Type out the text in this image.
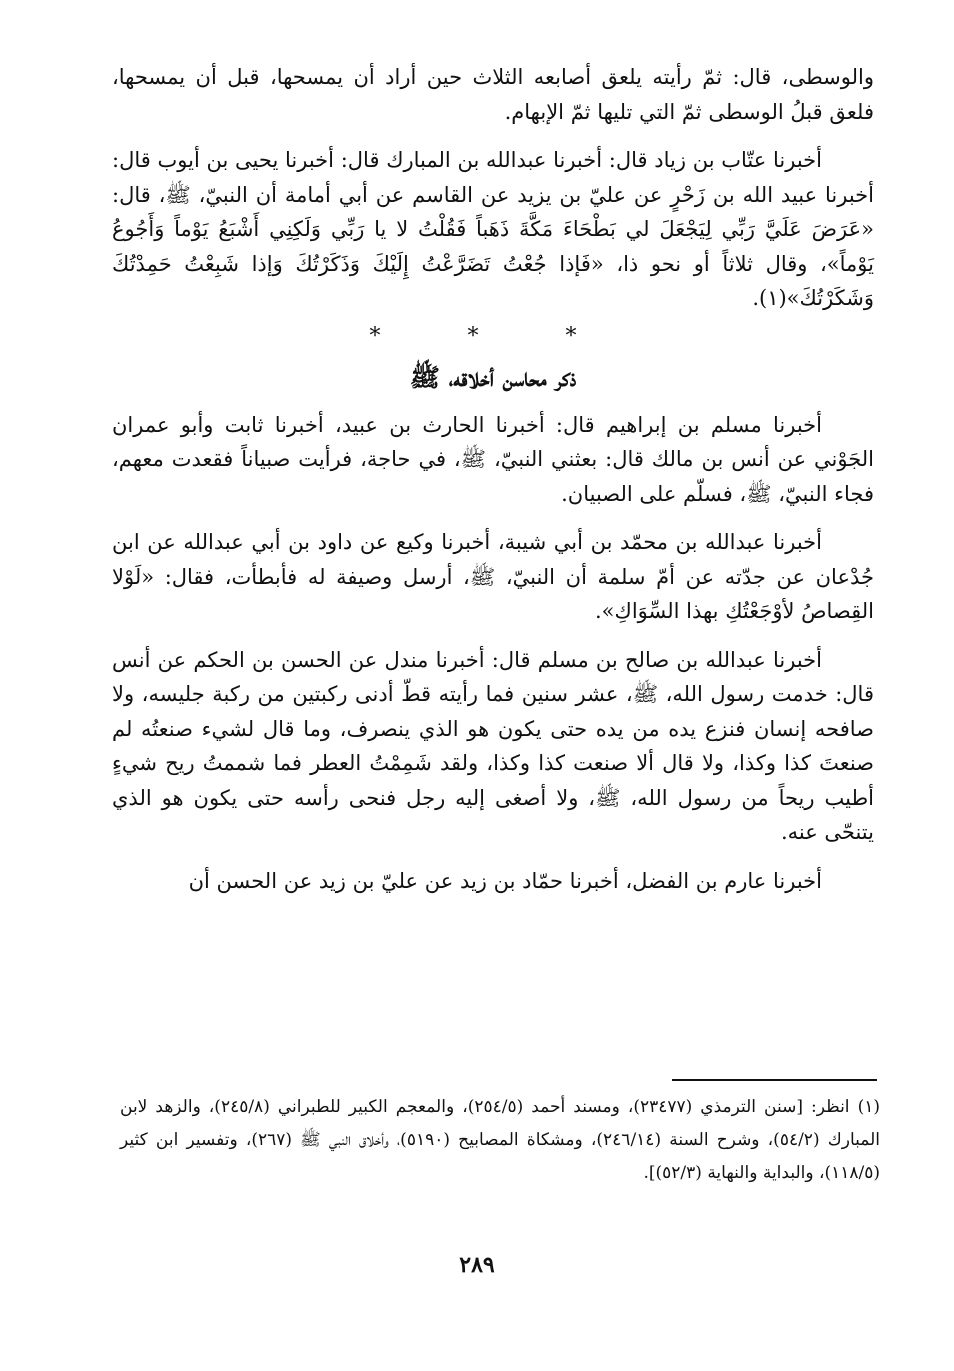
والوسطى، قال: ثمّ رأيته يلعق أصابعه الثلاث حين أراد أن يمسحها، قبل أن يمسحها، فلعق قبلُ الوسطى ثمّ التي تليها ثمّ الإبهام.

أخبرنا عتّاب بن زياد قال: أخبرنا عبدالله بن المبارك قال: أخبرنا يحيى بن أيوب قال: أخبرنا عبيد الله بن زَحْرٍ عن عليّ بن يزيد عن القاسم عن أبي أمامة أن النبيّ، ﷺ، قال: «عَرَضَ عَلَيَّ رَبِّي لِيَجْعَلَ لي بَطْحَاءَ مَكَّةَ ذَهَباً فَقُلْتُ لا يا رَبِّي وَلَكِنِي أَشْبَعُ يَوْماً وَأَجُوعُ يَوْماً»، وقال ثلاثاً أو نحو ذا، «فَإذا جُعْتُ تَضَرَّعْتُ إِلَيْكَ وَذَكَرْتُكَ وَإذا شَبِعْتُ حَمِدْتُكَ وَشَكَرْتُكَ»(١).

* * *
ذكر محاسن أخلاقه، ﷺ

أخبرنا مسلم بن إبراهيم قال: أخبرنا الحارث بن عبيد، أخبرنا ثابت وأبو عمران الجَوْني عن أنس بن مالك قال: بعثني النبيّ، ﷺ، في حاجة، فرأيت صبياناً فقعدت معهم، فجاء النبيّ، ﷺ، فسلّم على الصبيان.

أخبرنا عبدالله بن محمّد بن أبي شيبة، أخبرنا وكيع عن داود بن أبي عبدالله عن ابن جُدْعان عن جدّته عن أمّ سلمة أن النبيّ، ﷺ، أرسل وصيفة له فأبطأت، فقال: «لَوْلا القِصاصُ لأوْجَعْتُكِ بهذا السِّوَاكِ».

أخبرنا عبدالله بن صالح بن مسلم قال: أخبرنا مندل عن الحسن بن الحكم عن أنس قال: خدمت رسول الله، ﷺ، عشر سنين فما رأيته قطّ أدنى ركبتين من ركبة جليسه، ولا صافحه إنسان فنزع يده من يده حتى يكون هو الذي ينصرف، وما قال لشيء صنعتُه لم صنعتَ كذا وكذا، ولا قال ألا صنعت كذا وكذا، ولقد شَمِمْتُ العطر فما شممتُ ريح شيءٍ أطيب ريحاً من رسول الله، ﷺ، ولا أصغى إليه رجل فنحى رأسه حتى يكون هو الذي يتنحّى عنه.

أخبرنا عارم بن الفضل، أخبرنا حمّاد بن زيد عن عليّ بن زيد عن الحسن أن

(١) انظر: [سنن الترمذي (٢٣٤٧٧)، ومسند أحمد (٢٥٤/٥)، والمعجم الكبير للطبراني (٢٤٥/٨)، والزهد لابن المبارك (٥٤/٢)، وشرح السنة (٢٤٦/١٤)، ومشكاة المصابيح (٥١٩٠)، وأخلاق النبي ﷺ (٢٦٧)، وتفسير ابن كثير (١١٨/٥)، والبداية والنهاية (٥٢/٣)].
٢٨٩
